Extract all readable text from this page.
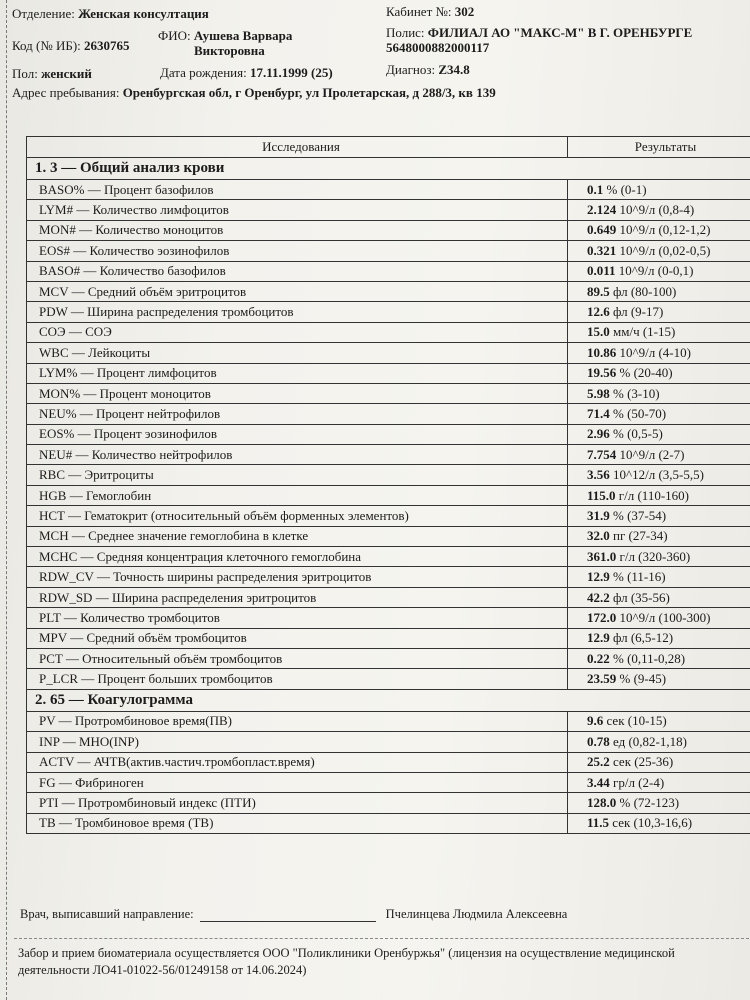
Отделение: Женская консултация	Кабинет №: 302
Код (№ ИБ): 2630765
ФИО: Аушева Варвара
Викторовна
Полис: ФИЛИАЛ АО "МАКС-М" В Г. ОРЕНБУРГЕ
5648000882000117
Пол: женский	Дата рождения: 17.11.1999 (25)	Диагноз: Z34.8
Адрес пребывания: Оренбургская обл, г Оренбург, ул Пролетарская, д 288/3, кв 139
Исследования	Результаты
1. 3 — Общий анализ крови	
BASO% — Процент базофилов	0.1 % (0-1)
LYM# — Количество лимфоцитов	2.124 10^9/л (0,8-4)
MON# — Количество моноцитов	0.649 10^9/л (0,12-1,2)
EOS# — Количество эозинофилов	0.321 10^9/л (0,02-0,5)
BASO# — Количество базофилов	0.011 10^9/л (0-0,1)
MCV — Средний объём эритроцитов	89.5 фл (80-100)
PDW — Ширина распределения тромбоцитов	12.6 фл (9-17)
СОЭ — СОЭ	15.0 мм/ч (1-15)
WBC — Лейкоциты	10.86 10^9/л (4-10)
LYM% — Процент лимфоцитов	19.56 % (20-40)
MON% — Процент моноцитов	5.98 % (3-10)
NEU% — Процент нейтрофилов	71.4 % (50-70)
EOS% — Процент эозинофилов	2.96 % (0,5-5)
NEU# — Количество нейтрофилов	7.754 10^9/л (2-7)
RBC — Эритроциты	3.56 10^12/л (3,5-5,5)
HGB — Гемоглобин	115.0 г/л (110-160)
HCT — Гематокрит (относительный объём форменных элементов)	31.9 % (37-54)
MCH — Среднее значение гемоглобина в клетке	32.0 пг (27-34)
MCHC — Средняя концентрация клеточного гемоглобина	361.0 г/л (320-360)
RDW_CV — Точность ширины распределения эритроцитов	12.9 % (11-16)
RDW_SD — Ширина распределения эритроцитов	42.2 фл (35-56)
PLT — Количество тромбоцитов	172.0 10^9/л (100-300)
MPV — Средний объём тромбоцитов	12.9 фл (6,5-12)
PCT — Относительный объём тромбоцитов	0.22 % (0,11-0,28)
P_LCR — Процент больших тромбоцитов	23.59 % (9-45)
2. 65 — Коагулограмма	
PV — Протромбиновое время(ПВ)	9.6 сек (10-15)
INP — МНО(INP)	0.78 ед (0,82-1,18)
ACTV — АЧТВ(актив.частич.тромбопласт.время)	25.2 сек (25-36)
FG — Фибриноген	3.44 гр/л (2-4)
PTI — Протромбиновый индекс (ПТИ)	128.0 % (72-123)
TB — Тромбиновое время (ТВ)	11.5 сек (10,3-16,6)
Врач, выписавший направление:	Пчелинцева Людмила Алексеевна
Забор и прием биоматериала осуществляется ООО "Поликлиники Оренбуржья" (лицензия на осуществление медицинской
деятельности ЛО41-01022-56/01249158 от 14.06.2024)
